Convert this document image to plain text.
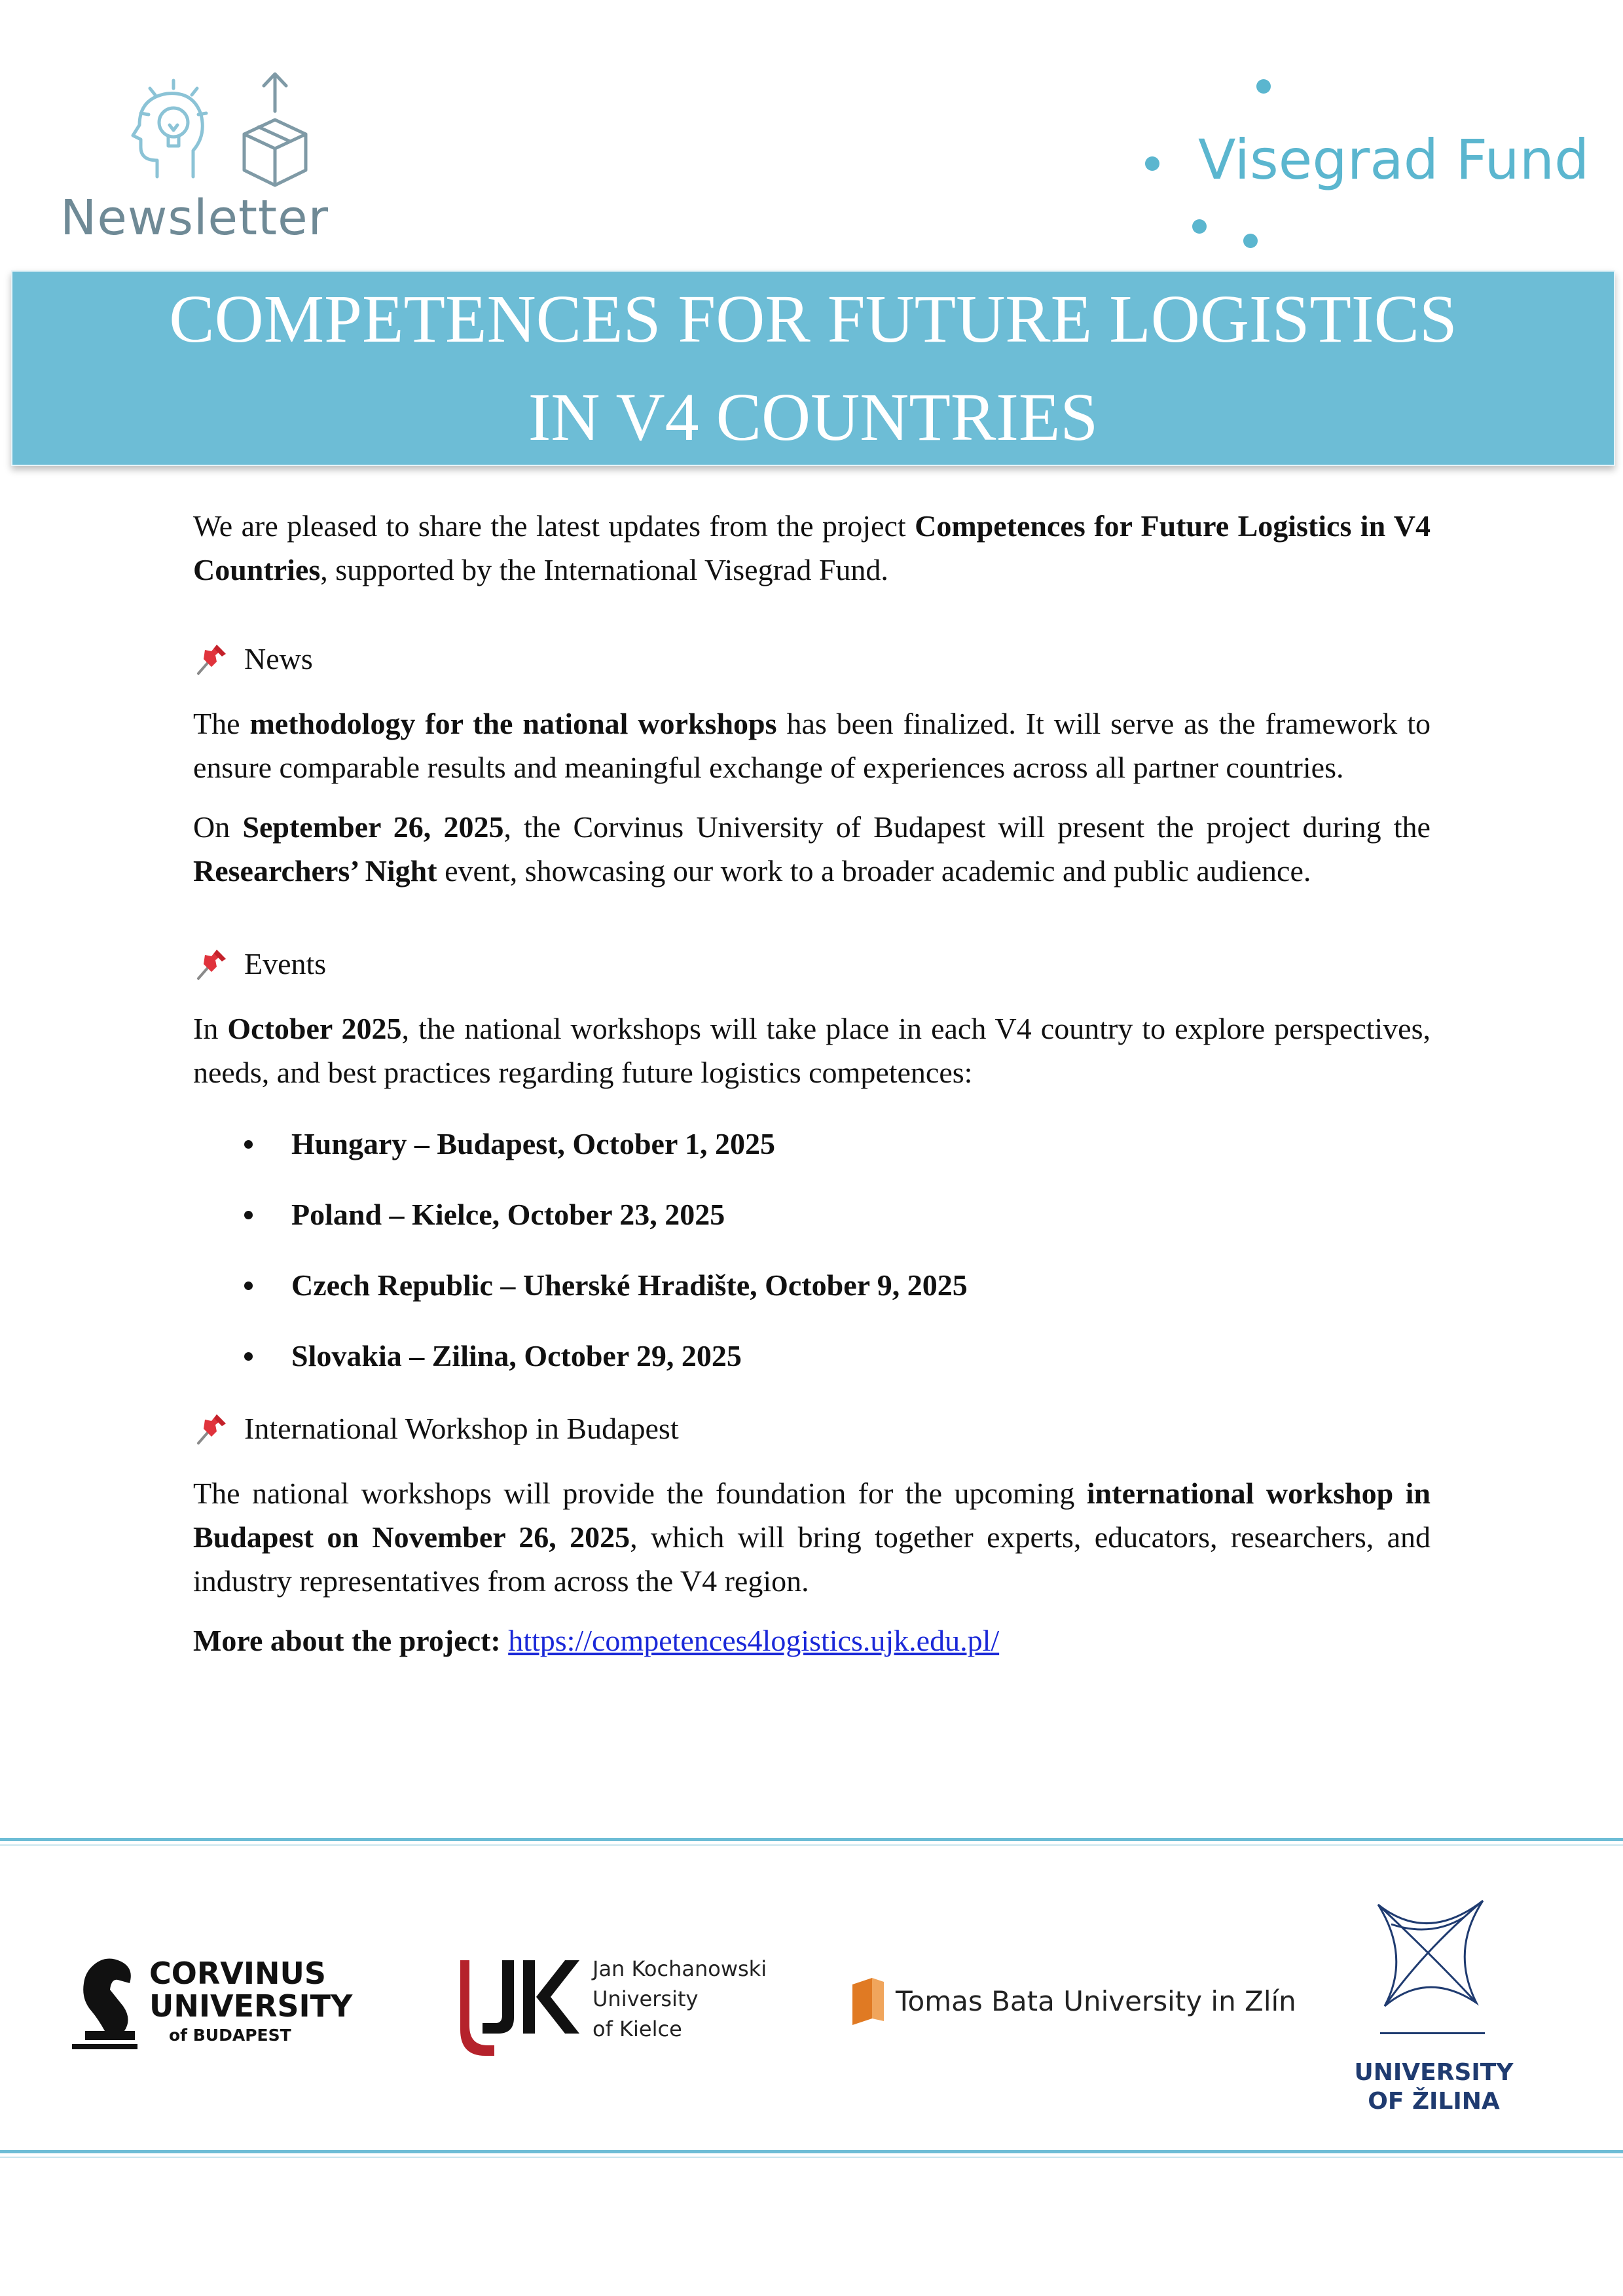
Newsletter
Visegrad Fund
COMPETENCES FOR FUTURE LOGISTICS
IN V4 COUNTRIES

We are pleased to share the latest updates from the project Competences for Future Logistics in V4 Countries, supported by the International Visegrad Fund.

News

The methodology for the national workshops has been finalized. It will serve as the framework to ensure comparable results and meaningful exchange of experiences across all partner countries.

On September 26, 2025, the Corvinus University of Budapest will present the project during the Researchers’ Night event, showcasing our work to a broader academic and public audience.

Events

In October 2025, the national workshops will take place in each V4 country to explore perspectives, needs, and best practices regarding future logistics competences:

Hungary – Budapest, October 1, 2025
Poland – Kielce, October 23, 2025
Czech Republic – Uherské Hradište, October 9, 2025
Slovakia – Zilina, October 29, 2025
International Workshop in Budapest

The national workshops will provide the foundation for the upcoming international workshop in Budapest on November 26, 2025, which will bring together experts, educators, researchers, and industry representatives from across the V4 region.

More about the project: https://competences4logistics.ujk.edu.pl/

CORVINUS
UNIVERSITY
of BUDAPEST
Jan Kochanowski
University
of Kielce
Tomas Bata University in Zlín
UNIVERSITY
OF ŽILINA
